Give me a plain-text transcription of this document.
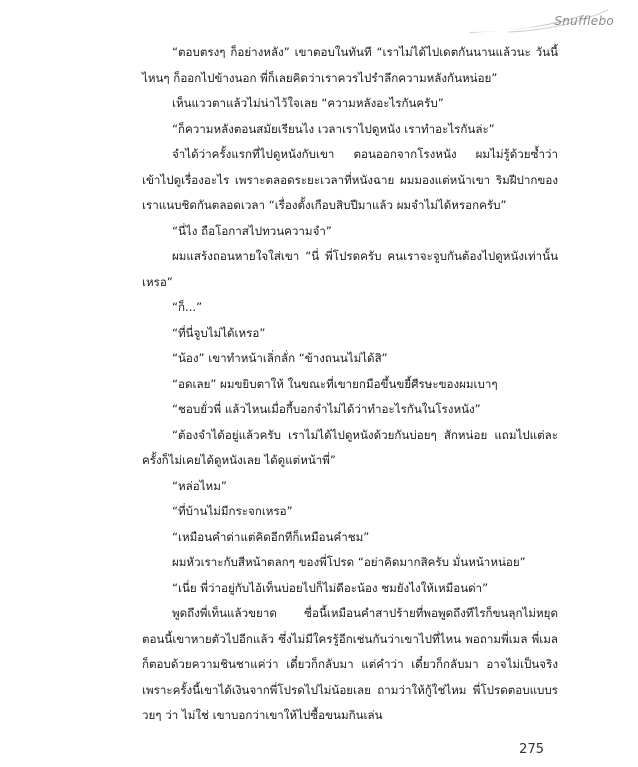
Snufflebo

“ตอบตรงๆ ก็อย่างหลัง” เขาตอบในทันที “เราไม่ได้ไปเดตกันนานแล้วนะ วันนี้ไหนๆ ก็ออกไปข้างนอก พี่ก็เลยคิดว่าเราควรไปรำลึกความหลังกันหน่อย”

เห็นแววตาแล้วไม่น่าไว้ใจเลย “ความหลังอะไรกันครับ”

“ก็ความหลังตอนสมัยเรียนไง เวลาเราไปดูหนัง เราทำอะไรกันล่ะ”

จำได้ว่าครั้งแรกที่ไปดูหนังกับเขา ตอนออกจากโรงหนัง ผมไม่รู้ด้วยซ้ำว่าเข้าไปดูเรื่องอะไร เพราะตลอดระยะเวลาที่หนังฉาย ผมมองแต่หน้าเขา ริมฝีปากของเราแนบชิดกันตลอดเวลา “เรื่องตั้งเกือบสิบปีมาแล้ว ผมจำไม่ได้หรอกครับ”

“นี่ไง ถือโอกาสไปทวนความจำ”

ผมแสร้งถอนหายใจใส่เขา “นี่ พี่โปรดครับ คนเราจะจูบกันต้องไปดูหนังเท่านั้นเหรอ”

“ก็...”

“ที่นี่จูบไม่ได้เหรอ”

“น้อง” เขาทำหน้าเลิ่กลั่ก “ข้างถนนไม่ได้สิ”

“อดเลย” ผมขยิบตาให้ ในขณะที่เขายกมือขึ้นขยี้ศีรษะของผมเบาๆ

“ชอบยั่วพี่ แล้วไหนเมื่อกี้บอกจำไม่ได้ว่าทำอะไรกันในโรงหนัง”

“ต้องจำได้อยู่แล้วครับ เราไม่ได้ไปดูหนังด้วยกันบ่อยๆ สักหน่อย แถมไปแต่ละครั้งก็ไม่เคยได้ดูหนังเลย ได้ดูแต่หน้าพี่”

“หล่อไหม”

“ที่บ้านไม่มีกระจกเหรอ”

“เหมือนคำด่าแต่คิดอีกทีก็เหมือนคำชม”

ผมหัวเราะกับสีหน้าตลกๆ ของพี่โปรด “อย่าคิดมากสิครับ มั่นหน้าหน่อย”

“เนี่ย พี่ว่าอยู่กับไอ้เท็นบ่อยไปก็ไม่ดีอะน้อง ชมยังไงให้เหมือนด่า”

พูดถึงพี่เท็นแล้วขยาด ซื่อนี้เหมือนคำสาปร้ายที่พอพูดถึงทีไรก็ขนลุกไม่หยุด ตอนนี้เขาหายตัวไปอีกแล้ว ซึ่งไม่มีใครรู้อีกเช่นกันว่าเขาไปที่ไหน พอถามพี่เมล พี่เมลก็ตอบด้วยความชินชาแค่ว่า เดี๋ยวก็กลับมา แต่คำว่า เดี๋ยวก็กลับมา อาจไม่เป็นจริง เพราะครั้งนี้เขาได้เงินจากพี่โปรดไปไม่น้อยเลย ถามว่าให้กู้ใช่ไหม พี่โปรดตอบแบบรวยๆ ว่า ไม่ใช่ เขาบอกว่าเขาให้ไปซื้อขนมกินเล่น

275
